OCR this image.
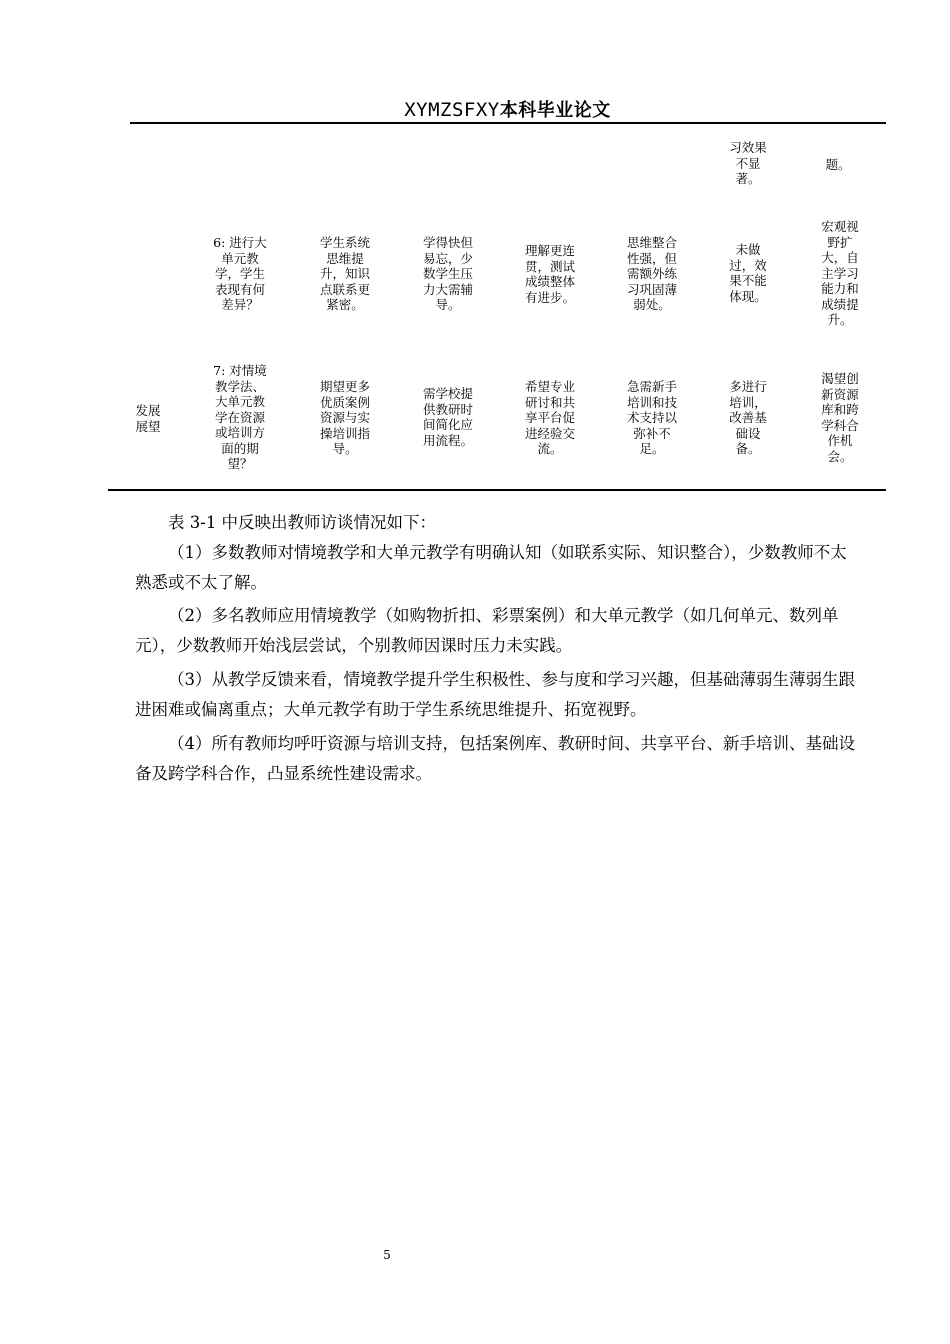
XYMZSFXY本科毕业论文
习效果
不显
著。
题。
6: 进行大
单元教
学，学生
表现有何
差异？
学生系统
思维提
升，知识
点联系更
紧密。
学得快但
易忘，少
数学生压
力大需辅
导。
理解更连
贯，测试
成绩整体
有进步。
思维整合
性强，但
需额外练
习巩固薄
弱处。
未做
过，效
果不能
体现。
宏观视
野扩
大，自
主学习
能力和
成绩提
升。
发展
展望
7: 对情境
教学法、
大单元教
学在资源
或培训方
面的期
望？
期望更多
优质案例
资源与实
操培训指
导。
需学校提
供教研时
间简化应
用流程。
希望专业
研讨和共
享平台促
进经验交
流。
急需新手
培训和技
术支持以
弥补不
足。
多进行
培训，
改善基
础设
备。
渴望创
新资源
库和跨
学科合
作机
会。
表 3-1 中反映出教师访谈情况如下：
（1）多数教师对情境教学和大单元教学有明确认知（如联系实际、知识整合），少数教师不太熟悉或不太了解。
（2）多名教师应用情境教学（如购物折扣、彩票案例）和大单元教学（如几何单元、数列单元），少数教师开始浅层尝试，个别教师因课时压力未实践。
（3）从教学反馈来看，情境教学提升学生积极性、参与度和学习兴趣，但基础薄弱生薄弱生跟进困难或偏离重点；大单元教学有助于学生系统思维提升、拓宽视野。
（4）所有教师均呼吁资源与培训支持，包括案例库、教研时间、共享平台、新手培训、基础设备及跨学科合作，凸显系统性建设需求。
5
